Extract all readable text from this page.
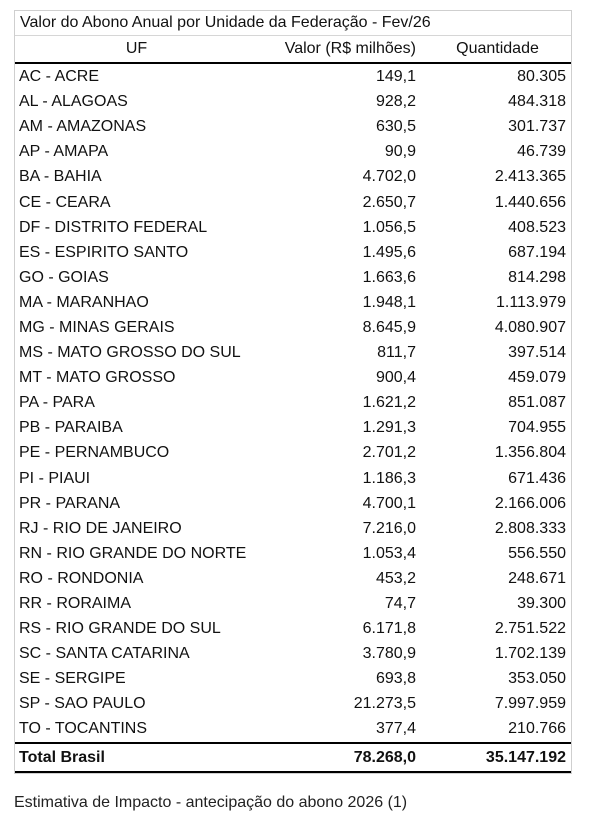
Valor do Abono Anual por Unidade da Federação - Fev/26
UF	Valor (R$ milhões)	Quantidade
AC - ACRE	149,1	80.305
AL - ALAGOAS	928,2	484.318
AM - AMAZONAS	630,5	301.737
AP - AMAPA	90,9	46.739
BA - BAHIA	4.702,0	2.413.365
CE - CEARA	2.650,7	1.440.656
DF - DISTRITO FEDERAL	1.056,5	408.523
ES - ESPIRITO SANTO	1.495,6	687.194
GO - GOIAS	1.663,6	814.298
MA - MARANHAO	1.948,1	1.113.979
MG - MINAS GERAIS	8.645,9	4.080.907
MS - MATO GROSSO DO SUL	811,7	397.514
MT - MATO GROSSO	900,4	459.079
PA - PARA	1.621,2	851.087
PB - PARAIBA	1.291,3	704.955
PE - PERNAMBUCO	2.701,2	1.356.804
PI - PIAUI	1.186,3	671.436
PR - PARANA	4.700,1	2.166.006
RJ - RIO DE JANEIRO	7.216,0	2.808.333
RN - RIO GRANDE DO NORTE	1.053,4	556.550
RO - RONDONIA	453,2	248.671
RR - RORAIMA	74,7	39.300
RS - RIO GRANDE DO SUL	6.171,8	2.751.522
SC - SANTA CATARINA	3.780,9	1.702.139
SE - SERGIPE	693,8	353.050
SP - SAO PAULO	21.273,5	7.997.959
TO - TOCANTINS	377,4	210.766
Total Brasil	78.268,0	35.147.192
Estimativa de Impacto - antecipação do abono 2026 (1)
